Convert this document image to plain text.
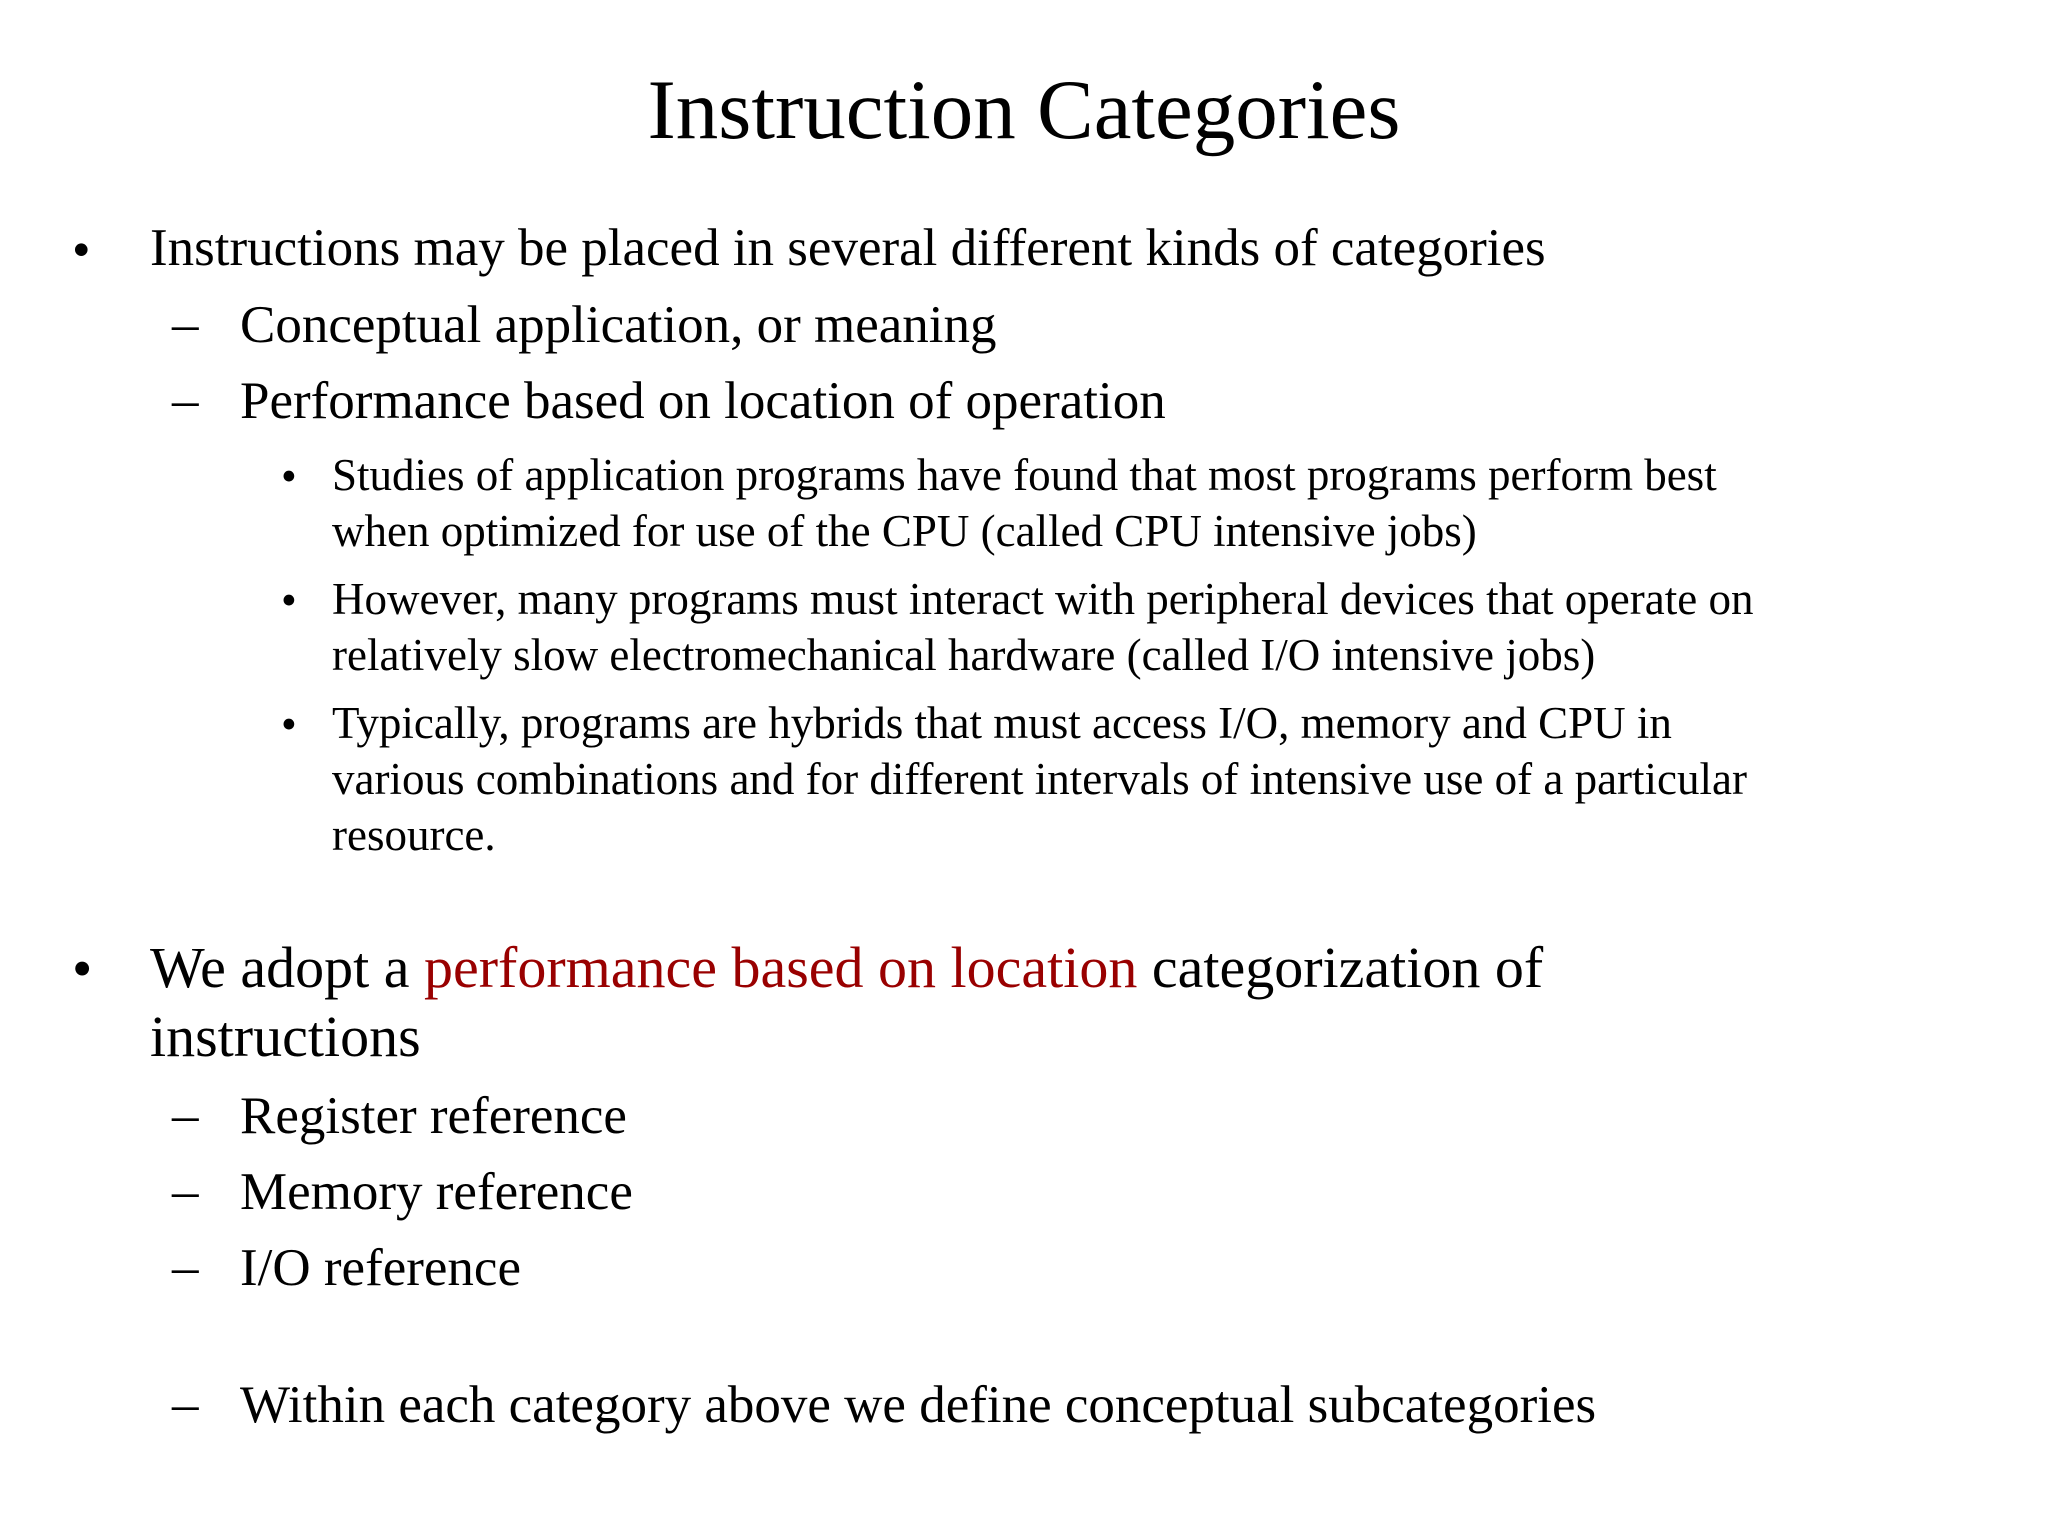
Instruction Categories
• Instructions may be placed in several different kinds of categories
– Conceptual application, or meaning
– Performance based on location of operation
• Studies of application programs have found that most programs perform best
when optimized for use of the CPU (called CPU intensive jobs)
• However, many programs must interact with peripheral devices that operate on
relatively slow electromechanical hardware (called I/O intensive jobs)
• Typically, programs are hybrids that must access I/O, memory and CPU in
various combinations and for different intervals of intensive use of a particular
resource.
• We adopt a performance based on location categorization of
instructions
– Register reference
– Memory reference
– I/O reference
– Within each category above we define conceptual subcategories
